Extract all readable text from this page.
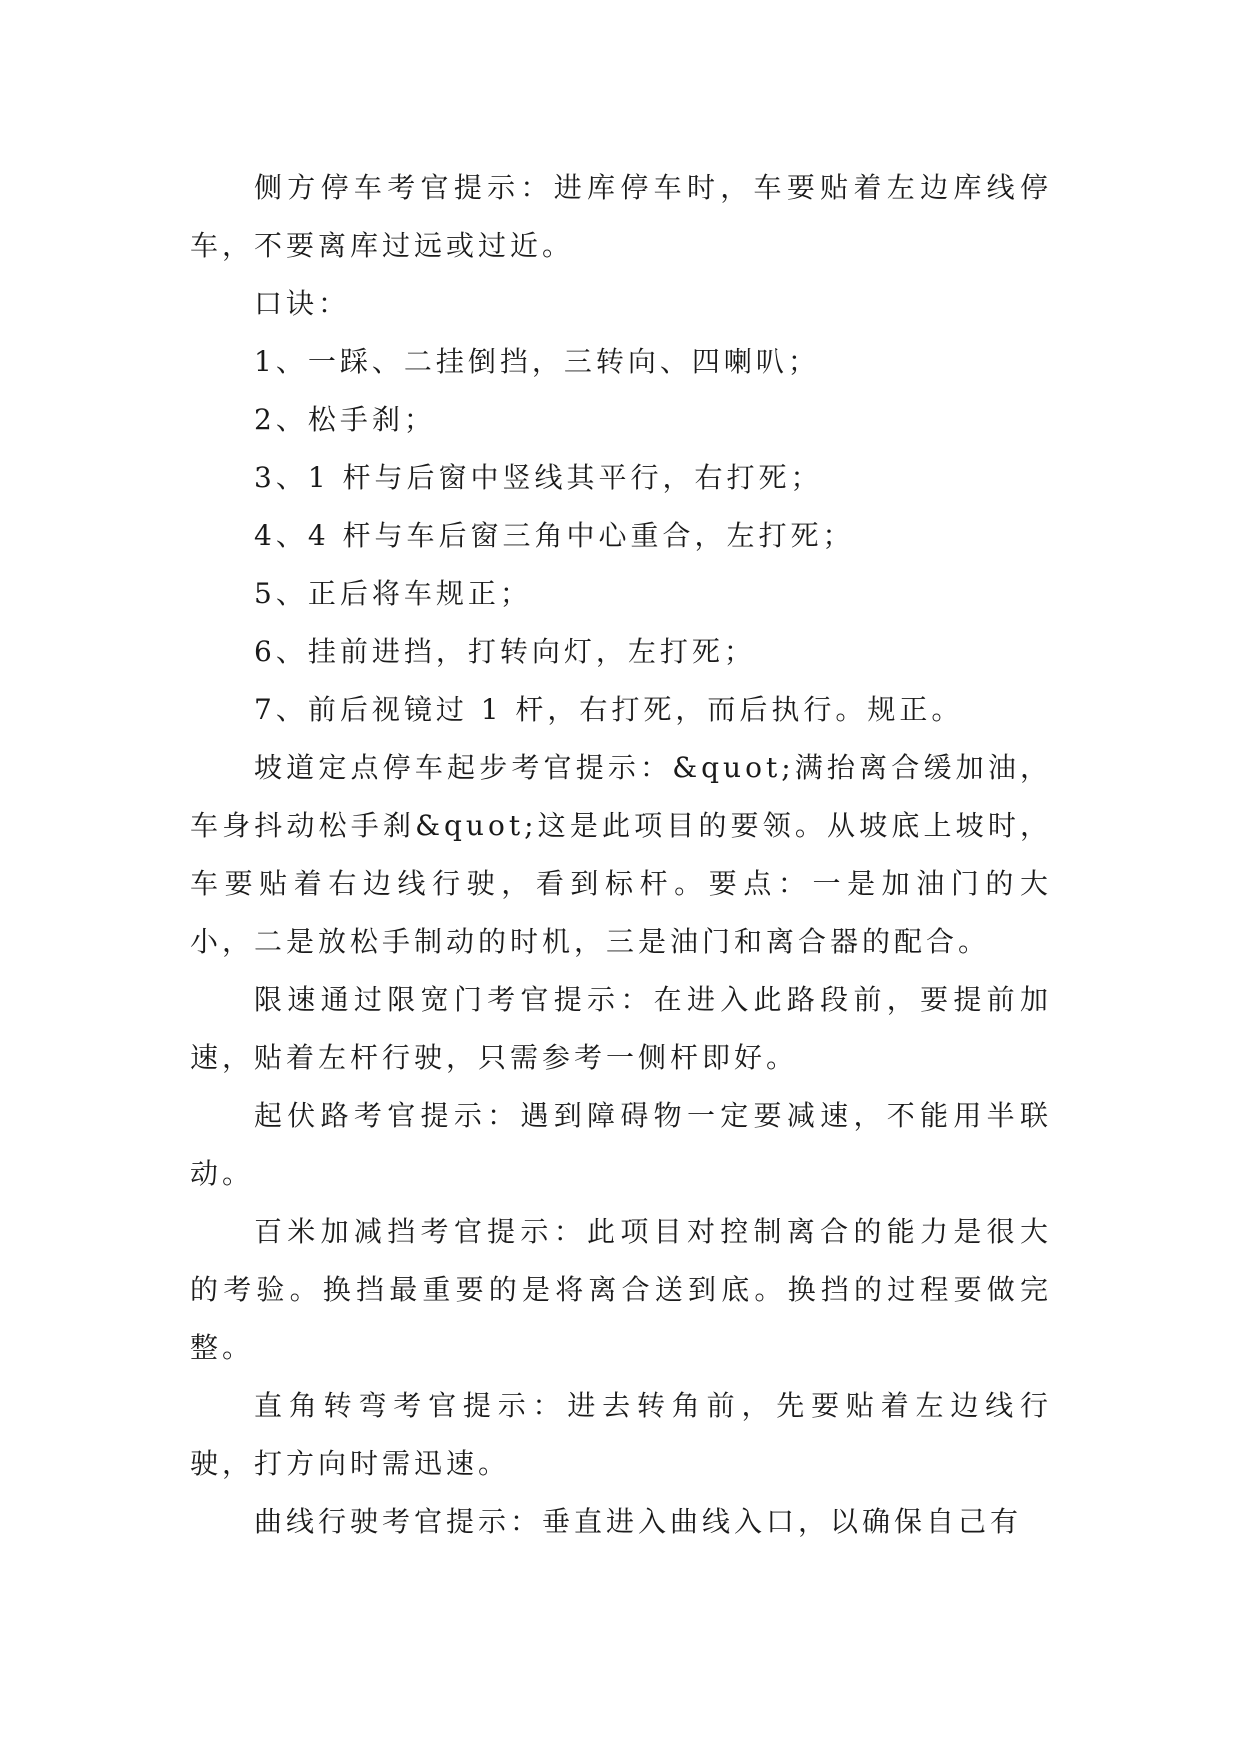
侧方停车考官提示：进库停车时，车要贴着左边库线停车，不要离库过远或过近。

口诀：

1、一踩、二挂倒挡，三转向、四喇叭；

2、松手刹；

3、1 杆与后窗中竖线其平行，右打死；

4、4 杆与车后窗三角中心重合，左打死；

5、正后将车规正；

6、挂前进挡，打转向灯，左打死；

7、前后视镜过 1 杆，右打死，而后执行。规正。

坡道定点停车起步考官提示：&quot;满抬离合缓加油，车身抖动松手刹&quot;这是此项目的要领。从坡底上坡时，车要贴着右边线行驶，看到标杆。要点：一是加油门的大小，二是放松手制动的时机，三是油门和离合器的配合。

限速通过限宽门考官提示：在进入此路段前，要提前加速，贴着左杆行驶，只需参考一侧杆即好。

起伏路考官提示：遇到障碍物一定要减速，不能用半联动。

百米加减挡考官提示：此项目对控制离合的能力是很大的考验。换挡最重要的是将离合送到底。换挡的过程要做完整。

直角转弯考官提示：进去转角前，先要贴着左边线行驶，打方向时需迅速。

曲线行驶考官提示：垂直进入曲线入口，以确保自己有
